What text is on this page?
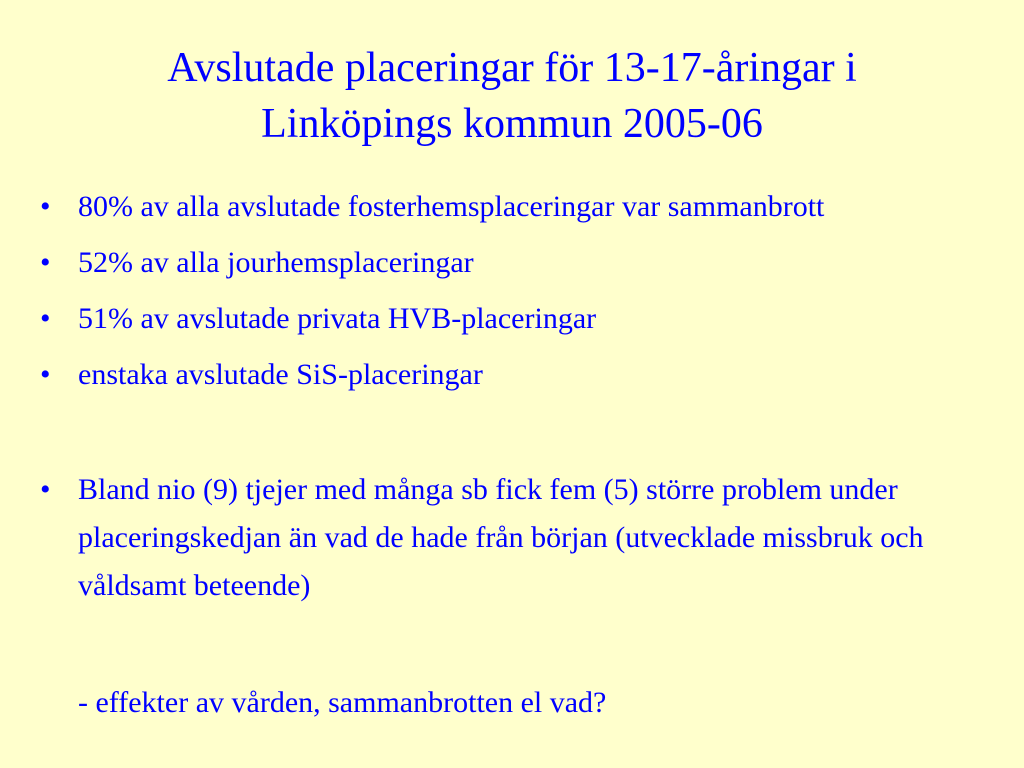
Avslutade placeringar för 13-17-åringar i
Linköpings kommun 2005-06
• 80% av alla avslutade fosterhemsplaceringar var sammanbrott
• 52% av alla jourhemsplaceringar
• 51% av avslutade privata HVB-placeringar
• enstaka avslutade SiS-placeringar
• Bland nio (9) tjejer med många sb fick fem (5) större problem under placeringskedjan än vad de hade från början (utvecklade missbruk och våldsamt beteende)

- effekter av vården, sammanbrotten el vad?
